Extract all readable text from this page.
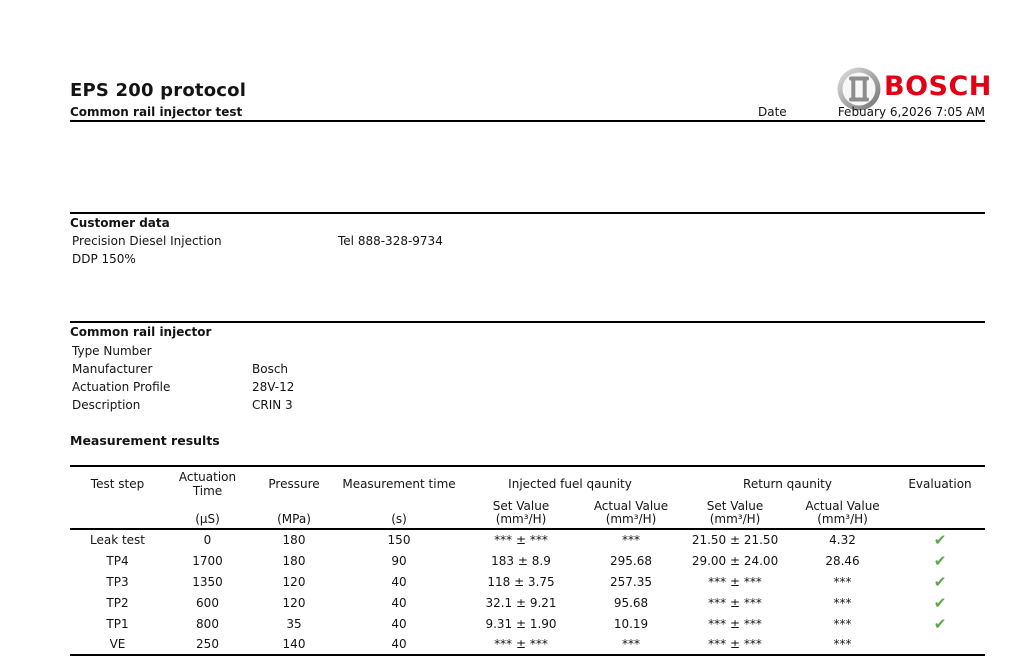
EPS 200 protocol
Common rail injector test
BOSCH
Date	Febuary 6,2026 7:05 AM
Customer data
Precision Diesel Injection	Tel 888-328-9734
DDP 150%
Common rail injector
Type Number
Manufacturer	Bosch
Actuation Profile	28V-12
Description	CRIN 3
Measurement results
Test step	Actuation Time	Pressure	Measurement time	Injected fuel qaunity		Return qaunity		Evaluation
				Set Value	Actual Value	Set Value	Actual Value	
	(µS)	(MPa)	(s)	(mm³/H)	(mm³/H)	(mm³/H)	(mm³/H)	
Leak test	0	180	150	*** ± ***	***	21.50 ± 21.50	4.32	✔
TP4	1700	180	90	183 ± 8.9	295.68	29.00 ± 24.00	28.46	✔
TP3	1350	120	40	118 ± 3.75	257.35	*** ± ***	***	✔
TP2	600	120	40	32.1 ± 9.21	95.68	*** ± ***	***	✔
TP1	800	35	40	9.31 ± 1.90	10.19	*** ± ***	***	✔
VE	250	140	40	*** ± ***	***	*** ± ***	***	
